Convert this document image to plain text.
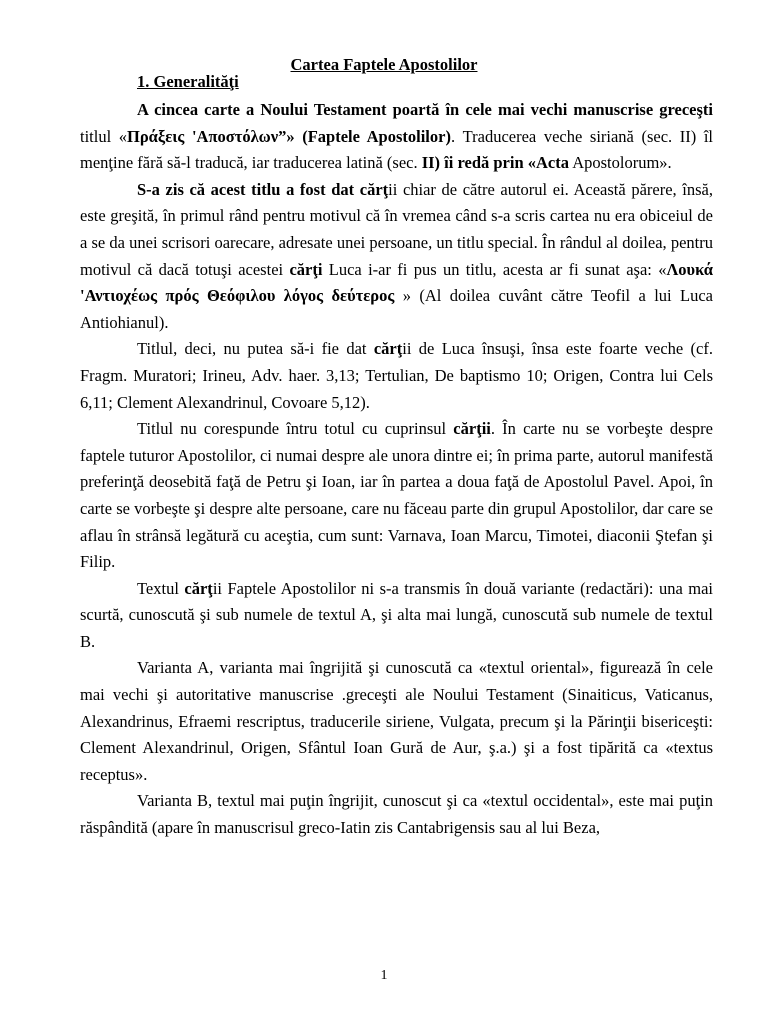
Cartea Faptele Apostolilor
1. Generalităţi

A cincea carte a Noului Testament poartă în cele mai vechi manuscrise greceşti titlul «Πράξεις 'Αποστόλων”» (Faptele Apostolilor). Traducerea veche siriană (sec. II) îl menţine fără să-l traducă, iar traducerea latină (sec. II) îi redă prin «Acta Apostolorum».

S-a zis că acest titlu a fost dat cărţii chiar de către autorul ei. Această părere, însă, este greşită, în primul rând pentru motivul că în vremea când s-a scris cartea nu era obiceiul de a se da unei scrisori oarecare, adresate unei persoane, un titlu special. În rândul al doilea, pentru motivul că dacă totuşi acestei cărţi Luca i-ar fi pus un titlu, acesta ar fi sunat aşa: «Λουκά 'Αντιοχέως πρός Θεόφιλου λόγος δεύτερος » (Al doilea cuvânt către Teofil a lui Luca Antiohianul).

Titlul, deci, nu putea să-i fie dat cărţii de Luca însuşi, însa este foarte veche (cf. Fragm. Muratori; Irineu, Adv. haer. 3,13; Tertulian, De baptismo 10; Origen, Contra lui Cels 6,11; Clement Alexandrinul, Covoare 5,12).

Titlul nu corespunde întru totul cu cuprinsul cărţii. În carte nu se vorbeşte despre faptele tuturor Apostolilor, ci numai despre ale unora dintre ei; în prima parte, autorul manifestă preferinţă deosebită faţă de Petru şi Ioan, iar în partea a doua faţă de Apostolul Pavel. Apoi, în carte se vorbeşte şi despre alte persoane, care nu făceau parte din grupul Apostolilor, dar care se aflau în strânsă legătură cu aceştia, cum sunt: Varnava, Ioan Marcu, Timotei, diaconii Ştefan şi Filip.

Textul cărţii Faptele Apostolilor ni s-a transmis în două variante (redactări): una mai scurtă, cunoscută şi sub numele de textul A, şi alta mai lungă, cunoscută sub numele de textul B.

Varianta A, varianta mai îngrijită şi cunoscută ca «textul oriental», figurează în cele mai vechi şi autoritative manuscrise .greceşti ale Noului Testament (Sinaiticus, Vaticanus, Alexandrinus, Efraemi rescriptus, traducerile siriene, Vulgata, precum şi la Părinţii bisericeşti: Clement Alexandrinul, Origen, Sfântul Ioan Gură de Aur, ş.a.) şi a fost tipărită ca «textus receptus».

Varianta B, textul mai puţin îngrijit, cunoscut şi ca «textul occidental», este mai puţin răspândită (apare în manuscrisul greco-Iatin zis Cantabrigensis sau al lui Beza,

1
